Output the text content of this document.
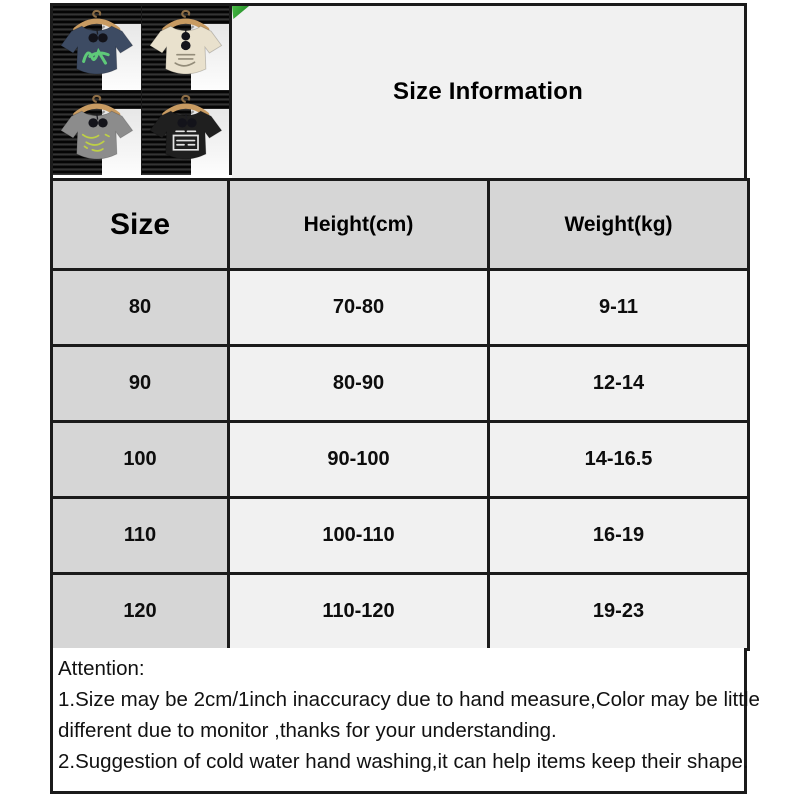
Size Information
Size	Height(cm)	Weight(kg)
80	70-80	9-11
90	80-90	12-14
100	90-100	14-16.5
110	100-110	16-19
120	110-120	19-23
Attention:
1.Size may be 2cm/1inch inaccuracy due to hand measure,Color may be little
different due to monitor ,thanks for your understanding.
2.Suggestion of cold water hand washing,it can help items keep their shape.
